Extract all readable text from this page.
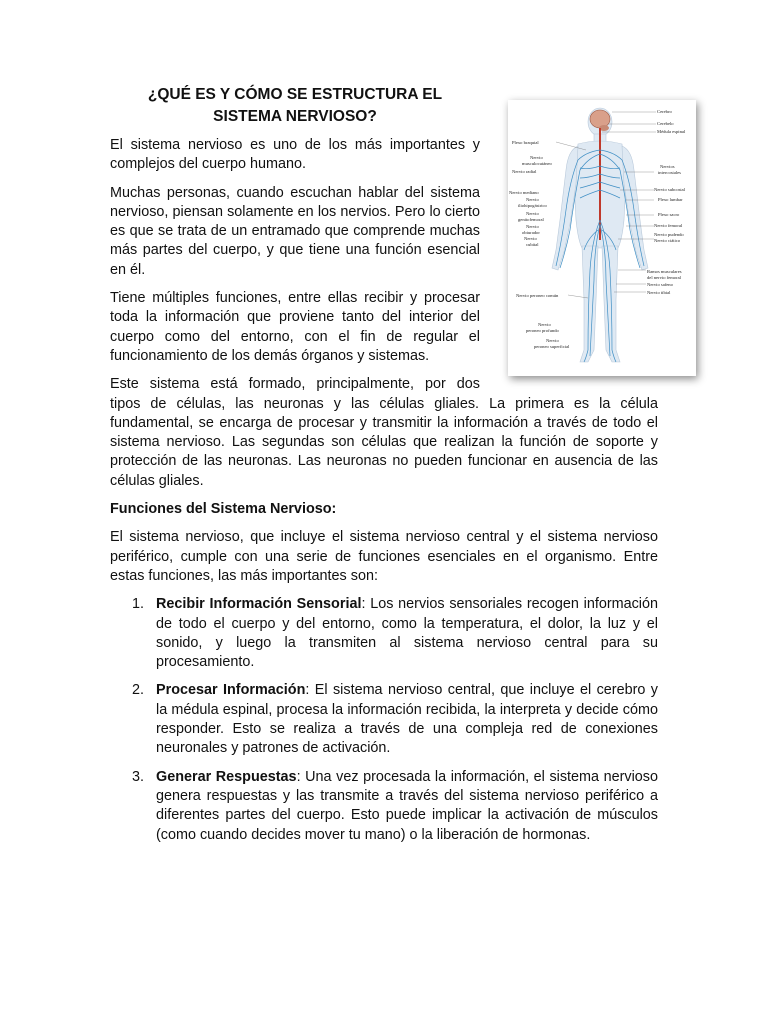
Cerebro
Cerebelo
Médula espinal
Plexo braquial
Nervio
musculocutáneo
Nervio radial
Nervios
intercostales
Nervio subcostal
Nervio mediano
Nervio
iliohipogástrico
Plexo lumbar
Nervio
genitofemoral
Plexo sacro
Nervio
obturador
Nervio femoral
Nervio
cubital
Nervio pudendo
Nervio ciático
Ramos musculares
del nervio femoral
Nervio safeno
Nervio tibial
Nervio peroneo común
Nervio
peroneo profundo
Nervio
peroneo superficial
¿QUÉ ES Y CÓMO SE ESTRUCTURA EL
SISTEMA NERVIOSO?

El sistema nervioso es uno de los más importantes y complejos del cuerpo humano.

Muchas personas, cuando escuchan hablar del sistema nervioso, piensan solamente en los nervios. Pero lo cierto es que se trata de un entramado que comprende muchas más partes del cuerpo, y que tiene una función esencial en él.

Tiene múltiples funciones, entre ellas recibir y procesar toda la información que proviene tanto del interior del cuerpo como del entorno, con el fin de regular el funcionamiento de los demás órganos y sistemas.

Este sistema está formado, principalmente, por dos
tipos de células, las neuronas y las células gliales. La primera es la célula fundamental, se encarga de procesar y transmitir la información a través de todo el sistema nervioso. Las segundas son células que realizan la función de soporte y protección de las neuronas. Las neuronas no pueden funcionar en ausencia de las células gliales.

Funciones del Sistema Nervioso:

El sistema nervioso, que incluye el sistema nervioso central y el sistema nervioso periférico, cumple con una serie de funciones esenciales en el organismo. Entre estas funciones, las más importantes son:

1. Recibir Información Sensorial: Los nervios sensoriales recogen información de todo el cuerpo y del entorno, como la temperatura, el dolor, la luz y el sonido, y luego la transmiten al sistema nervioso central para su procesamiento.
2. Procesar Información: El sistema nervioso central, que incluye el cerebro y la médula espinal, procesa la información recibida, la interpreta y decide cómo responder. Esto se realiza a través de una compleja red de conexiones neuronales y patrones de activación.
3. Generar Respuestas: Una vez procesada la información, el sistema nervioso genera respuestas y las transmite a través del sistema nervioso periférico a diferentes partes del cuerpo. Esto puede implicar la activación de músculos (como cuando decides mover tu mano) o la liberación de hormonas.
